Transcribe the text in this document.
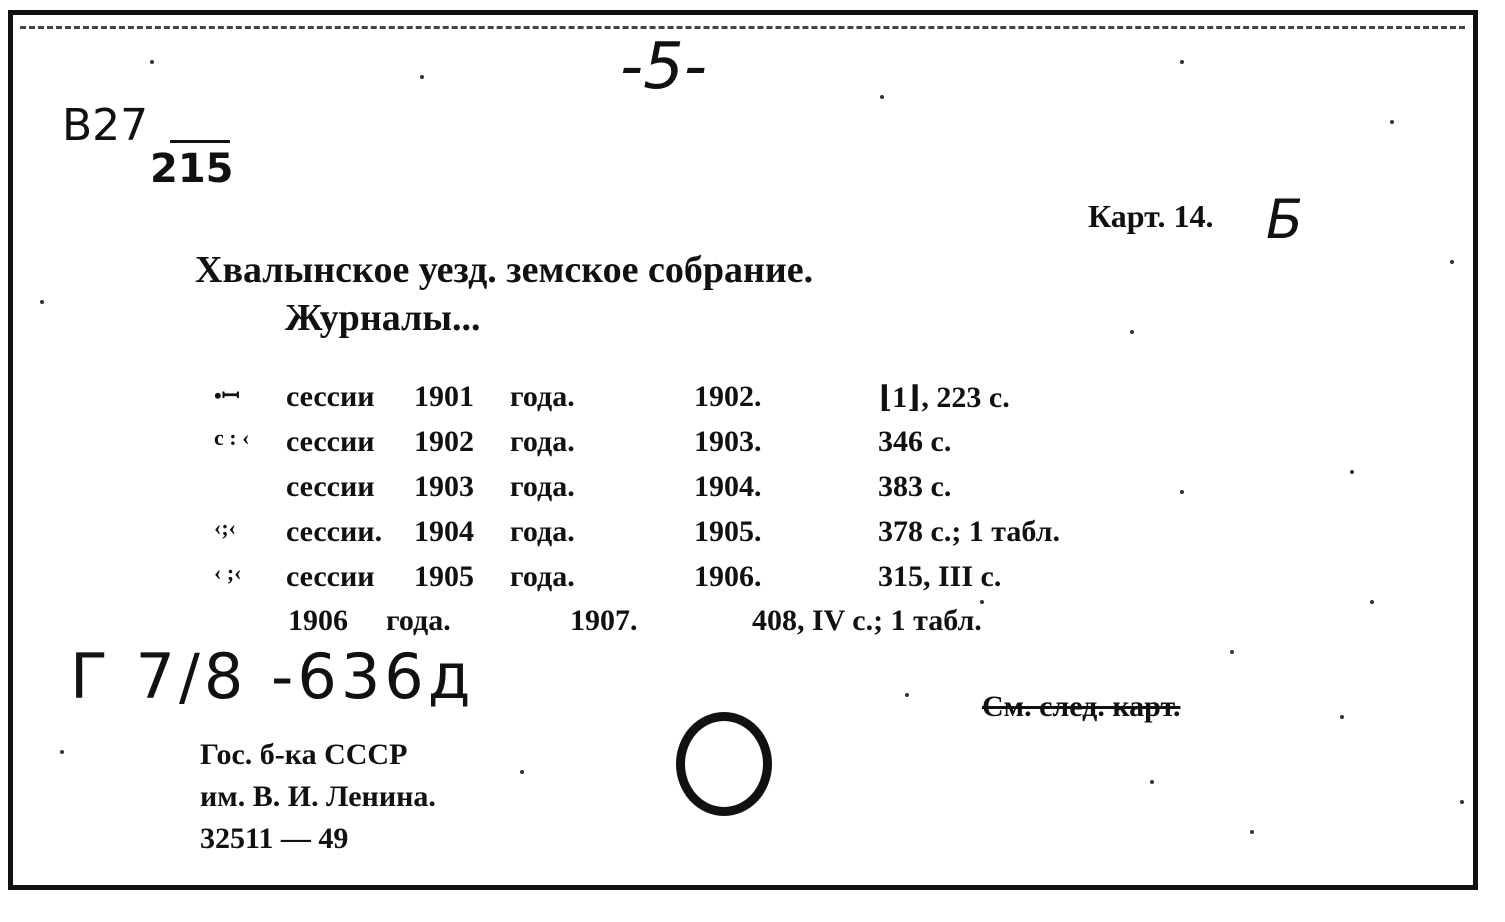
-5-
B27
215
Карт. 14. Б
Хвалынское уезд. земское собрание.
Журналы...
•ꟷ сессии 1901 года.	1902.	⌊1⌋, 223 с.
c : ‹ сессии 1902 года.	1903.	346 с.
сессии 1903 года.	1904.	383 с.
‹;‹ сессии. 1904 года.	1905.	378 с.; 1 табл.
‹ ;‹ сессии 1905 года.	1906.	315, III с.
1906 года.	1907.	408, IV с.; 1 табл.
Г 7/8 -636д	См. след. карт.
Гос. б-ка СССР
им. В. И. Ленина.
32511 — 49
